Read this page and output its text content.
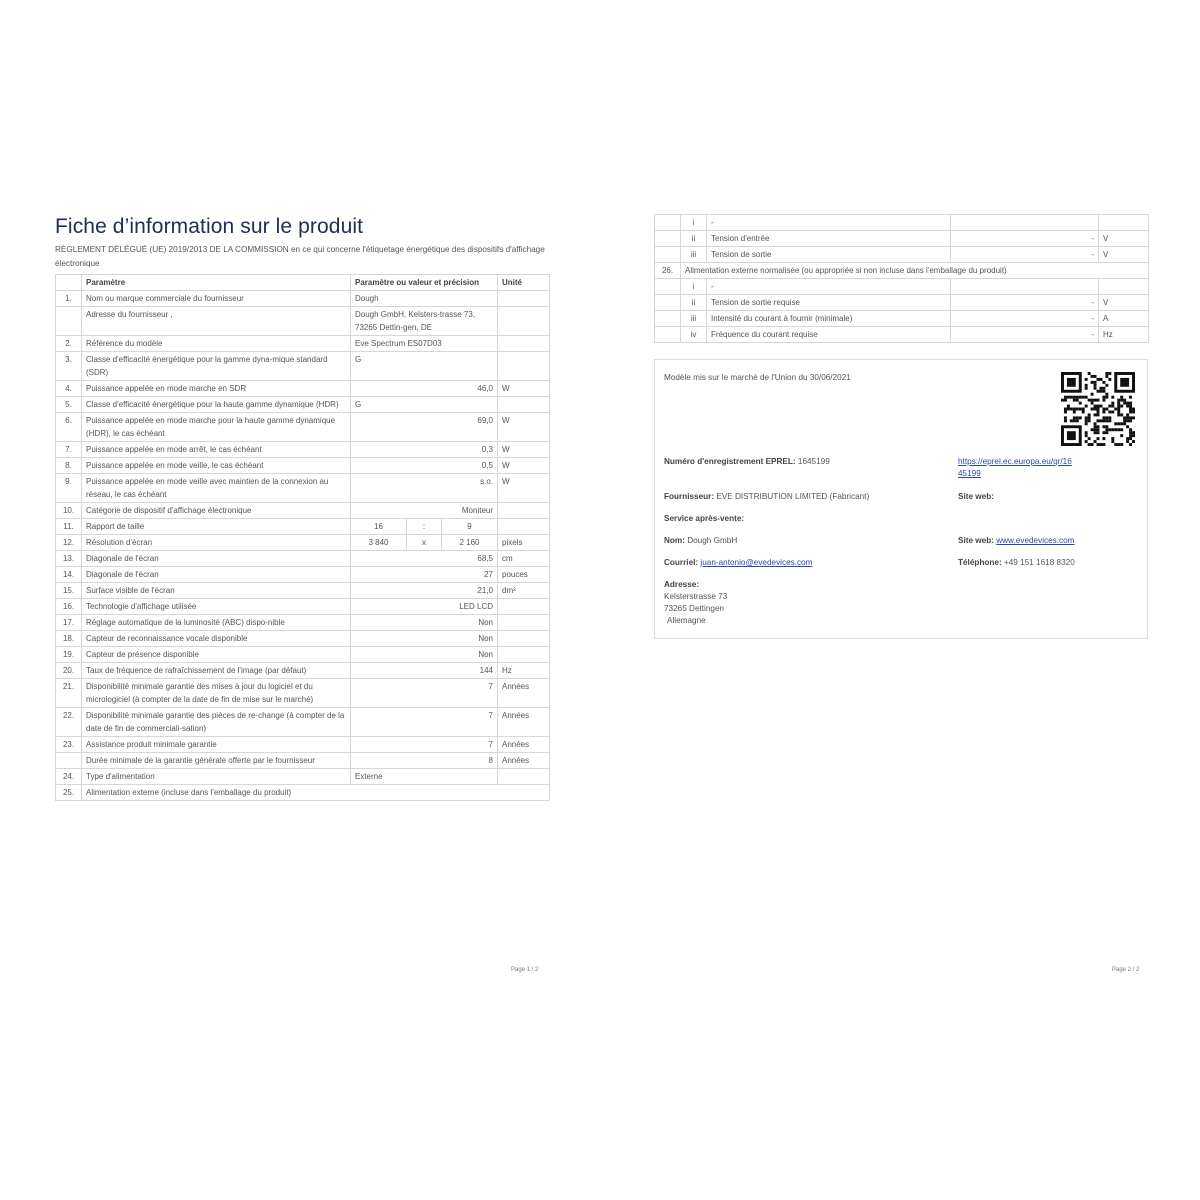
Fiche d’information sur le produit
RÈGLEMENT DÉLÉGUÉ (UE) 2019/2013 DE LA COMMISSION en ce qui concerne l'étiquetage énergétique des dispositifs d'affichage électronique
	Paramètre	Paramètre ou valeur et précision	Unité
1.	Nom ou marque commerciale du fournisseur	Dough	
	Adresse du fournisseur ,	Dough GmbH, Kelsters-trasse 73, 73265 Dettin-gen, DE	
2.	Référence du modèle	Eve Spectrum ES07D03	
3.	Classe d'efficacité énergétique pour la gamme dyna-mique standard (SDR)	G	
4.	Puissance appelée en mode marche en SDR	46,0	W
5.	Classe d'efficacité énergétique pour la haute gamme dynamique (HDR)	G	
6.	Puissance appelée en mode marche pour la haute gamme dynamique (HDR), le cas échéant	69,0	W
7.	Puissance appelée en mode arrêt, le cas échéant	0,3	W
8.	Puissance appelée en mode veille, le cas échéant	0,5	W
9.	Puissance appelée en mode veille avec maintien de la connexion au réseau, le cas échéant	s.o.	W
10.	Catégorie de dispositif d'affichage électronique	Moniteur	
11.	Rapport de taille	16 : 9	

12.	Résolution d'écran	3 840 x 2 160	pixels
13.	Diagonale de l'écran	68,5	cm
14.	Diagonale de l'écran	27	pouces
15.	Surface visible de l'écran	21,0	dm²
16.	Technologie d'affichage utilisée	LED LCD	
17.	Réglage automatique de la luminosité (ABC) dispo-nible	Non	
18.	Capteur de reconnaissance vocale disponible	Non	
19.	Capteur de présence disponible	Non	
20.	Taux de fréquence de rafraîchissement de l'image (par défaut)	144	Hz
21.	Disponibilité minimale garantie des mises à jour du logiciel et du micrologiciel (à compter de la date de fin de mise sur le marché)	7	Années
22.	Disponibilité minimale garantie des pièces de re-change (à compter de la date de fin de commerciali-sation)	7	Années
23.	Assistance produit minimale garantie	7	Années
	Durée minimale de la garantie générale offerte par le fournisseur	8	Années
24.	Type d'alimentation	Externe	
25.	Alimentation externe (incluse dans l'emballage du produit)		
Page 1 / 2
	i	-		
	ii	Tension d'entrée	-	V
	iii	Tension de sortie	-	V
26.	Alimentation externe normalisée (ou appropriée si non incluse dans l'emballage du produit)			
	i	-		
	ii	Tension de sortie requise	-	V
	iii	Intensité du courant à fournir (minimale)	-	A
	iv	Fréquence du courant requise	-	Hz
Modèle mis sur le marché de l'Union du 30/06/2021
Numéro d'enregistrement EPREL: 1645199	https://eprel.ec.europa.eu/qr/16
45199
Fournisseur: EVE DISTRIBUTION LIMITED (Fabricant)	Site web:
Service après-vente:
Nom: Dough GmbH	Site web: www.evedevices.com
Courriel: juan-antonio@evedevices.com	Téléphone: +49 151 1618 8320
Adresse:
Kelsterstrasse 73
73265 Dettingen
Allemagne
Page 2 / 2
